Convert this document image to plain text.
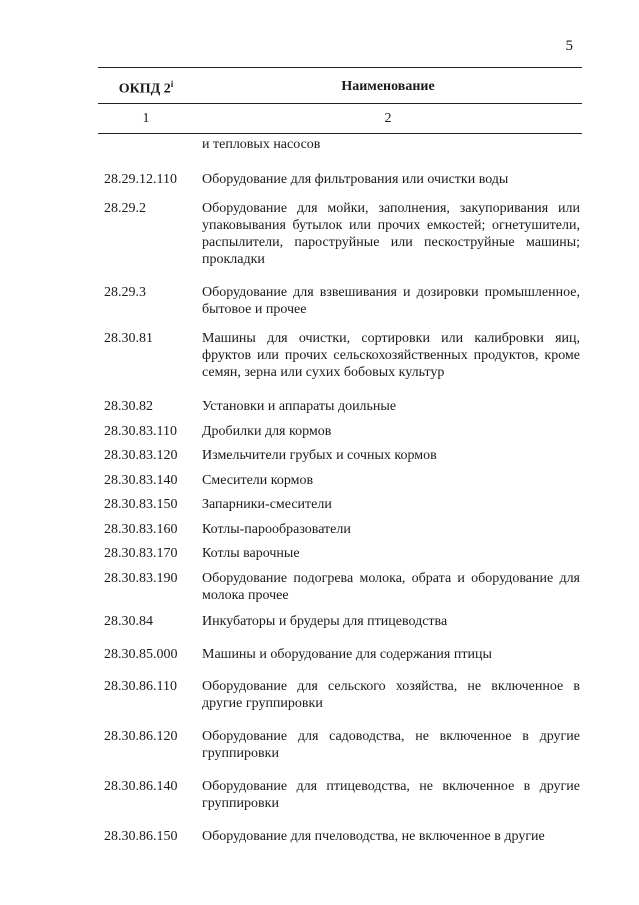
5
ОКПД 2$^i$	Наименование
1	2
и тепловых насосов
28.29.12.110	Оборудование для фильтрования или очистки воды
28.29.2	Оборудование для мойки, заполнения, закупоривания или упаковывания бутылок или прочих емкостей; огнетушители, распылители, пароструйные или пескоструйные машины; прокладки
28.29.3	Оборудование для взвешивания и дозировки промышленное, бытовое и прочее
28.30.81	Машины для очистки, сортировки или калибровки яиц, фруктов или прочих сельскохозяйственных продуктов, кроме семян, зерна или сухих бобовых культур
28.30.82	Установки и аппараты доильные
28.30.83.110	Дробилки для кормов
28.30.83.120	Измельчители грубых и сочных кормов
28.30.83.140	Смесители кормов
28.30.83.150	Запарники-смесители
28.30.83.160	Котлы-парообразователи
28.30.83.170	Котлы варочные
28.30.83.190	Оборудование подогрева молока, обрата и оборудование для молока прочее
28.30.84	Инкубаторы и брудеры для птицеводства
28.30.85.000	Машины и оборудование для содержания птицы
28.30.86.110	Оборудование для сельского хозяйства, не включенное в другие группировки
28.30.86.120	Оборудование для садоводства, не включенное в другие группировки
28.30.86.140	Оборудование для птицеводства, не включенное в другие группировки
28.30.86.150	Оборудование для пчеловодства, не включенное в другие
